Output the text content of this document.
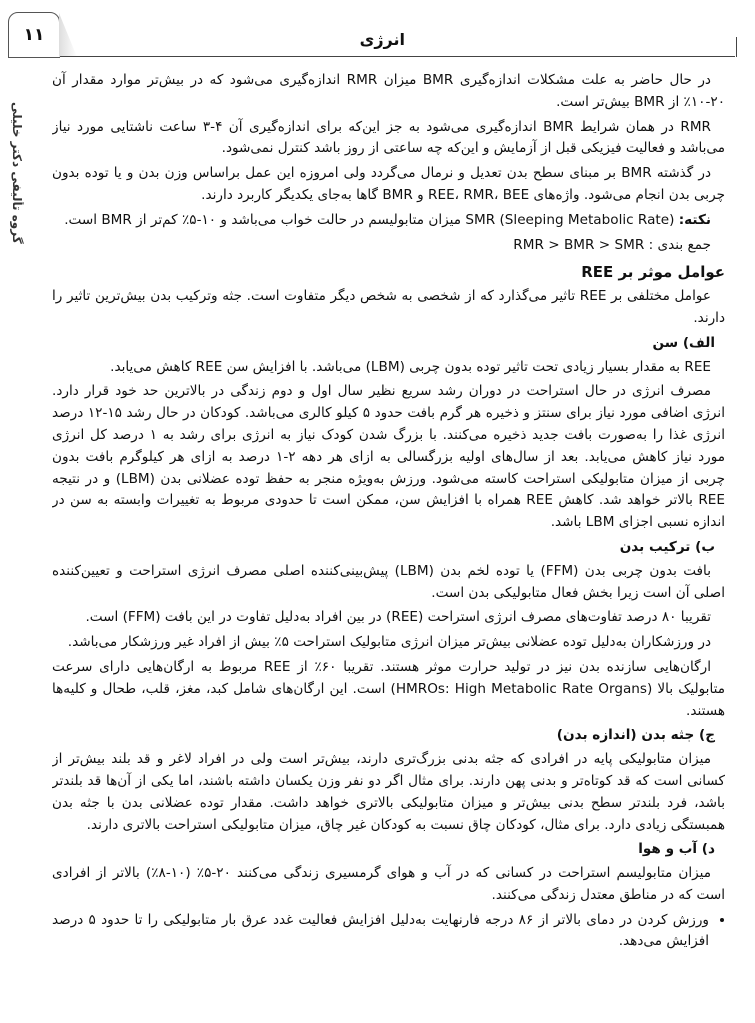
۱۱	انرژی
گروه تألیفی دکتر خلیلی

در حال حاضر به علت مشکلات اندازه‌گیری BMR میزان RMR اندازه‌گیری می‌شود که در بیش‌تر موارد مقدار آن ۲۰-۱۰٪ از BMR بیش‌تر است.

RMR در همان شرایط BMR اندازه‌گیری می‌شود به جز این‌که برای اندازه‌گیری آن ۴-۳ ساعت ناشتایی مورد نیاز می‌باشد و فعالیت فیزیکی قبل از آزمایش و این‌که چه ساعتی از روز باشد کنترل نمی‌شود.

در گذشته BMR بر مبنای سطح بدن تعدیل و نرمال می‌گردد ولی امروزه این عمل براساس وزن بدن و یا توده بدون چربی بدن انجام می‌شود. واژه‌های REE، RMR، BEE و BMR گاها به‌جای یکدیگر کاربرد دارند.

نکته: SMR (Sleeping Metabolic Rate) میزان متابولیسم در حالت خواب می‌باشد و ۱۰-۵٪ کم‌تر از BMR است.

جمع بندی : RMR > BMR > SMR

عوامل موثر بر REE

عوامل مختلفی بر REE تاثیر می‌گذارد که از شخصی به شخص دیگر متفاوت است. جثه وترکیب بدن بیش‌ترین تاثیر را دارند.

الف) سن

REE به مقدار بسیار زیادی تحت تاثیر توده بدون چربی (LBM) می‌باشد. با افزایش سن REE کاهش می‌یابد.

مصرف انرژی در حال استراحت در دوران رشد سریع نظیر سال اول و دوم زندگی در بالاترین حد خود قرار دارد. انرژی اضافی مورد نیاز برای سنتز و ذخیره هر گرم بافت حدود ۵ کیلو کالری می‌باشد. کودکان در حال رشد ۱۵-۱۲ درصد انرژی غذا را به‌صورت بافت جدید ذخیره می‌کنند. با بزرگ شدن کودک نیاز به انرژی برای رشد به ۱ درصد کل انرژی مورد نیاز کاهش می‌یابد. بعد از سال‌های اولیه بزرگسالی به ازای هر دهه ۲-۱ درصد به ازای هر کیلوگرم بافت بدون چربی از میزان متابولیکی استراحت کاسته می‌شود. ورزش به‌ویژه منجر به حفظ توده عضلانی بدن (LBM) و در نتیجه REE بالاتر خواهد شد. کاهش REE همراه با افزایش سن، ممکن است تا حدودی مربوط به تغییرات وابسته به سن در اندازه نسبی اجزای LBM باشد.

ب) ترکیب بدن

بافت بدون چربی بدن (FFM) یا توده لخم بدن (LBM) پیش‌بینی‌کننده اصلی مصرف انرژی استراحت و تعیین‌کننده اصلی آن است زیرا بخش فعال متابولیکی بدن است.

تقریبا ۸۰ درصد تفاوت‌های مصرف انرژی استراحت (REE) در بین افراد به‌دلیل تفاوت در این بافت (FFM) است.

در ورزشکاران به‌دلیل توده عضلانی بیش‌تر میزان انرژی متابولیک استراحت ۵٪ بیش از افراد غیر ورزشکار می‌باشد.

ارگان‌هایی سازنده بدن نیز در تولید حرارت موثر هستند. تقریبا ۶۰٪ از REE مربوط به ارگان‌هایی دارای سرعت متابولیک بالا (HMROs: High Metabolic Rate Organs) است. این ارگان‌های شامل کبد، مغز، قلب، طحال و کلیه‌ها هستند.

ج) جثه بدن (اندازه بدن)

میزان متابولیکی پایه در افرادی که جثه بدنی بزرگ‌تری دارند، بیش‌تر است ولی در افراد لاغر و قد بلند بیش‌تر از کسانی است که قد کوتاه‌تر و بدنی پهن دارند. برای مثال اگر دو نفر وزن یکسان داشته باشند، اما یکی از آن‌ها قد بلندتر باشد، فرد بلندتر سطح بدنی بیش‌تر و میزان متابولیکی بالاتری خواهد داشت. مقدار توده عضلانی بدن با جثه بدن همبستگی زیادی دارد. برای مثال، کودکان چاق نسبت به کودکان غیر چاق، میزان متابولیکی استراحت بالاتری دارند.

د) آب و هوا

میزان متابولیسم استراحت در کسانی که در آب و هوای گرمسیری زندگی می‌کنند ۲۰-۵٪ (۱۰-۸٪) بالاتر از افرادی است که در مناطق معتدل زندگی می‌کنند.

• ورزش کردن در دمای بالاتر از ۸۶ درجه فارنهایت به‌دلیل افزایش فعالیت غدد عرق بار متابولیکی را تا حدود ۵ درصد افزایش می‌دهد.
